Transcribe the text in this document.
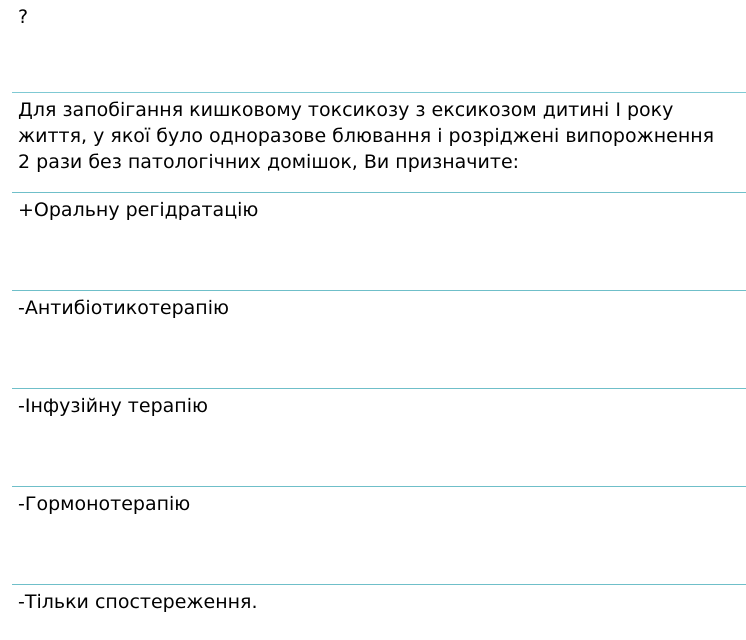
?
Для запобігання кишковому токсикозу з ексикозом дитині І року життя, у якої було одноразове блювання і розріджені випорожнення 2 рази без патологічних домішок, Ви призначите:
+Оральну регідратацію
-Антибіотикотерапію
-Інфузійну терапію
-Гормонотерапію
-Тільки спостереження.
